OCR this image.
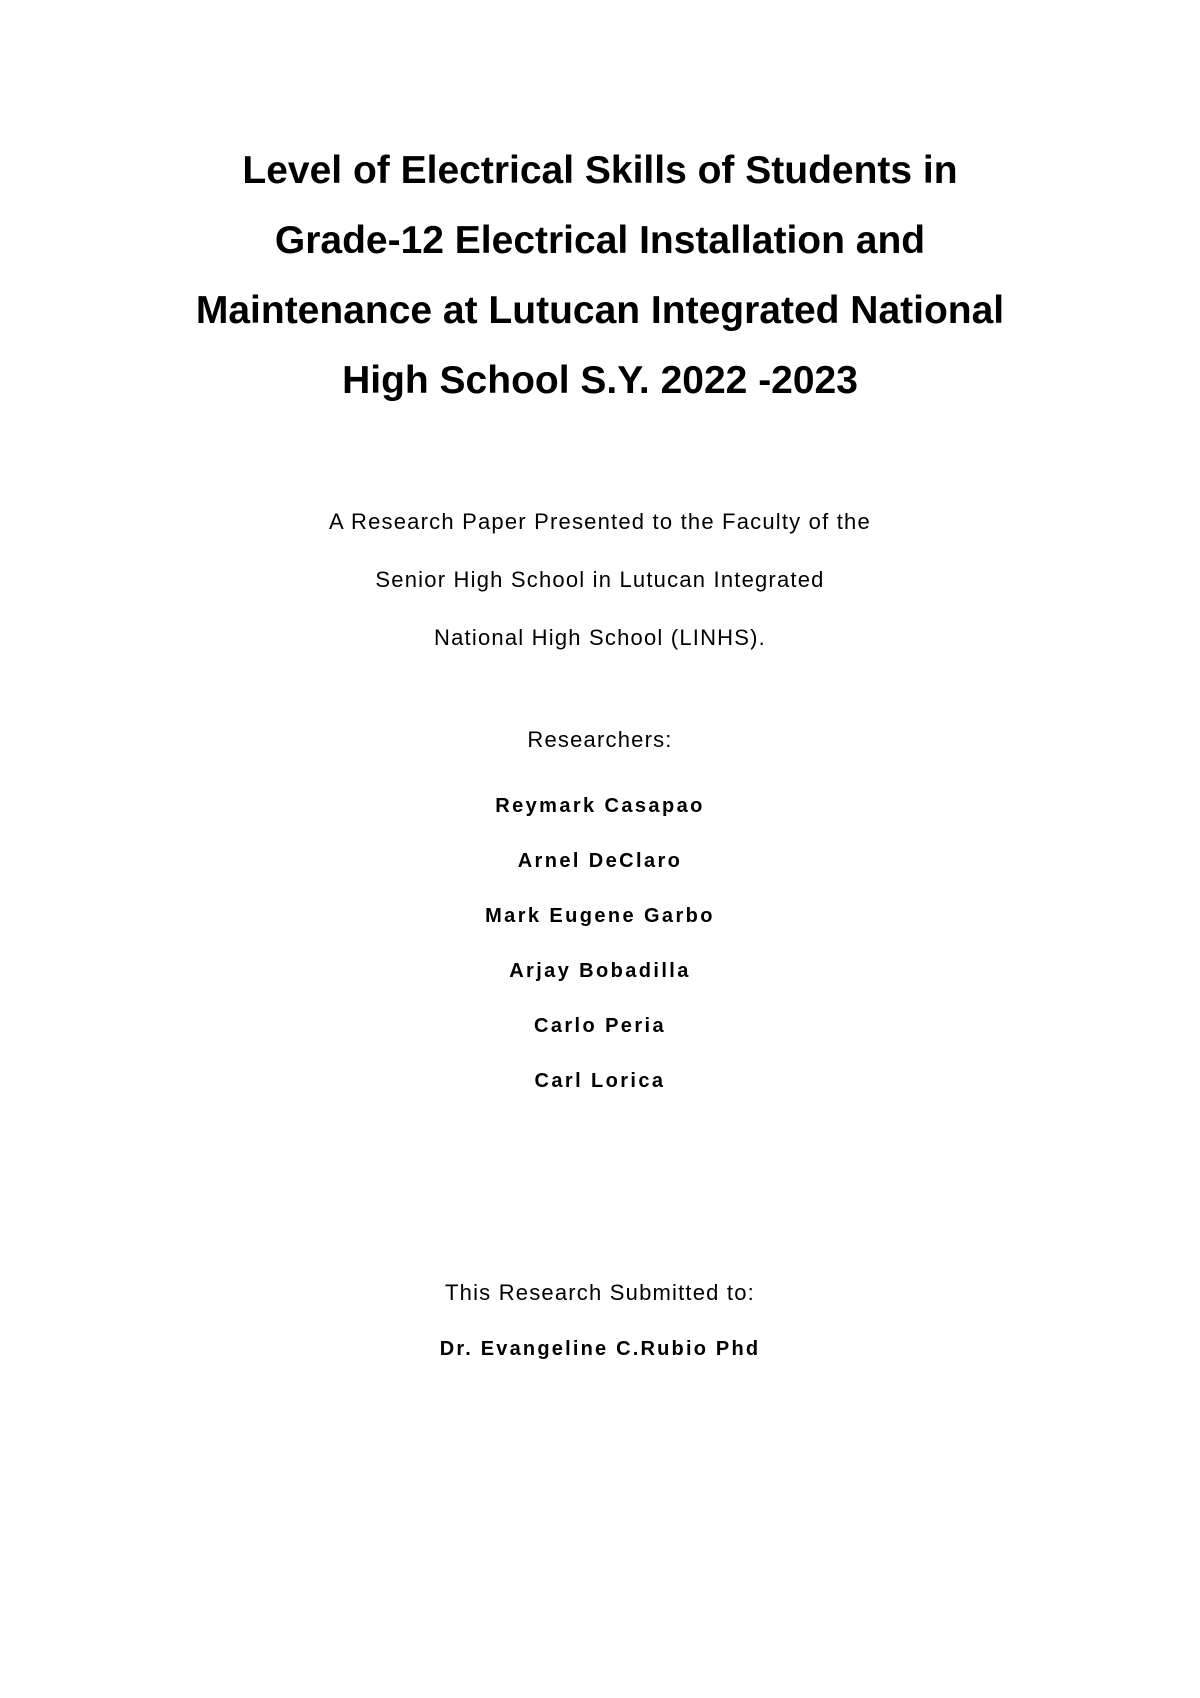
Level of Electrical Skills of Students in
Grade-12 Electrical Installation and
Maintenance at Lutucan Integrated National
High School S.Y. 2022 -2023
A Research Paper Presented to the Faculty of the
Senior High School in Lutucan Integrated
National High School (LINHS).
Researchers:
Reymark Casapao
Arnel DeClaro
Mark Eugene Garbo
Arjay Bobadilla
Carlo Peria
Carl Lorica
This Research Submitted to:
Dr. Evangeline C.Rubio Phd
